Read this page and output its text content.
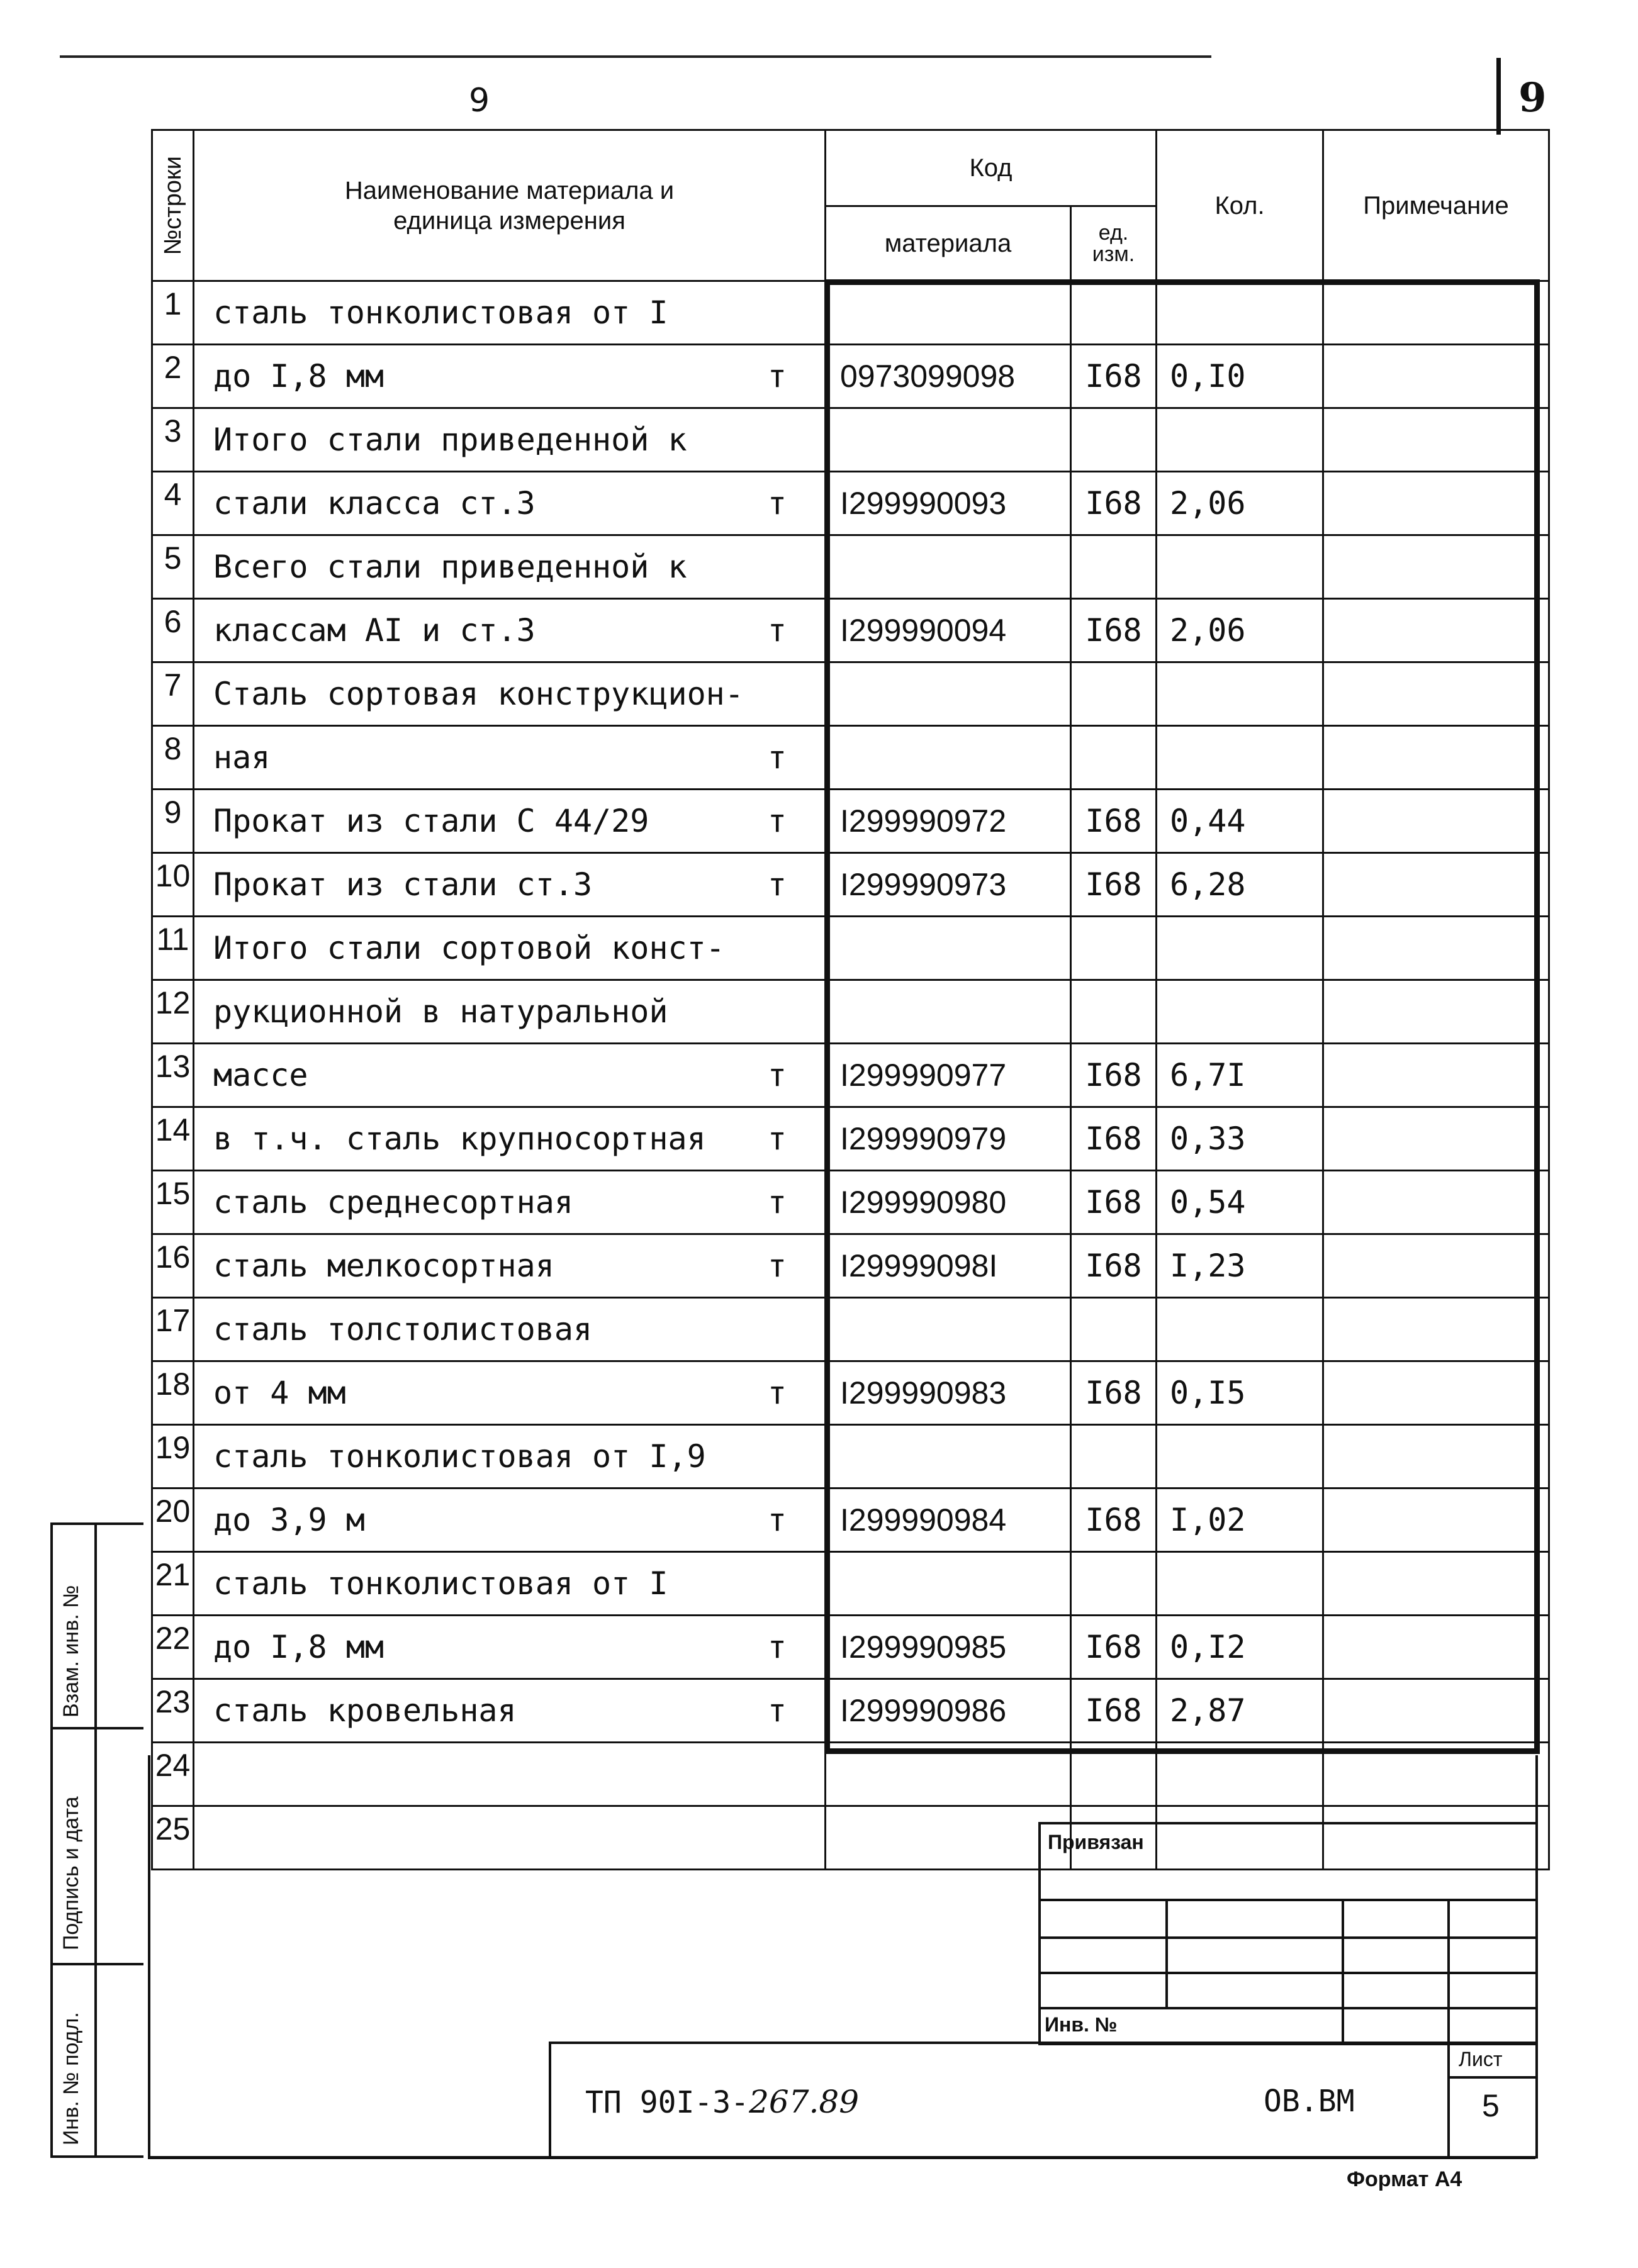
9	9
№строки	Наименование материала и
единица измерения	Код		Кол.	Примечание
		материала	ед.
изм.		
1	сталь тонколистовая от I				

2	до I,8 мм т	0973099098	I68	0,I0	
3	Итого стали приведенной к				

4	стали класса ст.3 т	I299990093	I68	2,06	
5	Всего стали приведенной к				

6	классам AI и ст.3 т	I299990094	I68	2,06	
7	Сталь сортовая конструкцион-				

8	ная т				

9	Прокат из стали С 44/29 т	I299990972	I68	0,44	
10	Прокат из стали ст.3 т	I299990973	I68	6,28	
11	Итого стали сортовой конст-				

12	рукционной в натуральной				

13	массе т	I299990977	I68	6,7I	
14	в т.ч. сталь крупносортная т	I299990979	I68	0,33	
15	сталь среднесортная т	I299990980	I68	0,54	
16	сталь мелкосортная т	I29999098I	I68	I,23	
17	сталь толстолистовая				

18	от 4 мм т	I299990983	I68	0,I5	
19	сталь тонколистовая от I,9				

20	до 3,9 м т	I299990984	I68	I,02	
21	сталь тонколистовая от I				

22	до I,8 мм т	I299990985	I68	0,I2	
23	сталь кровельная т	I299990986	I68	2,87	
24	

25	

Взам. инв. №
Подпись и дата
Инв. № подл.
Привязан
Инв. №
ТП 90I-3-267.89	ОВ.ВМ
Лист
5
Формат А4
